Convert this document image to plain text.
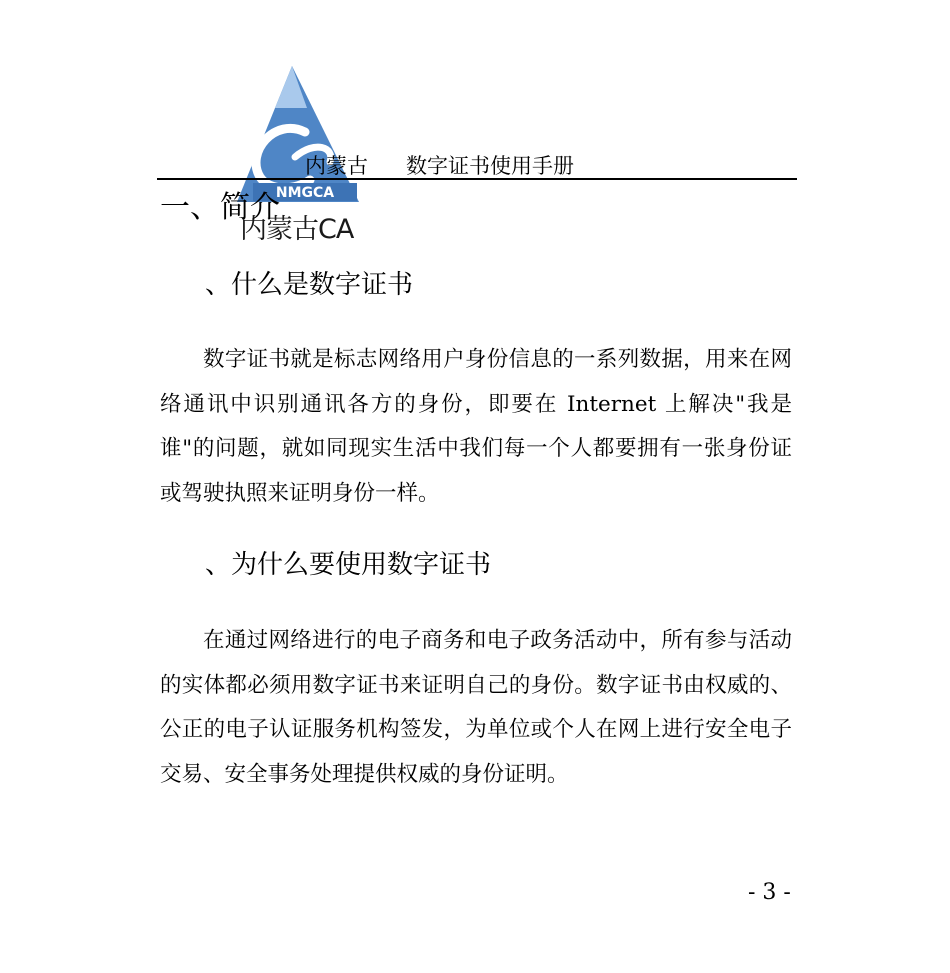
NMGCA
内蒙古CA
内蒙古 数字证书使用手册
一、简介
、什么是数字证书

数字证书就是标志网络用户身份信息的一系列数据，用来在网络通讯中识别通讯各方的身份，即要在 Internet 上解决"我是谁"的问题，就如同现实生活中我们每一个人都要拥有一张身份证或驾驶执照来证明身份一样。

、为什么要使用数字证书

在通过网络进行的电子商务和电子政务活动中，所有参与活动的实体都必须用数字证书来证明自己的身份。数字证书由权威的、公正的电子认证服务机构签发，为单位或个人在网上进行安全电子交易、安全事务处理提供权威的身份证明。

- 3 -
